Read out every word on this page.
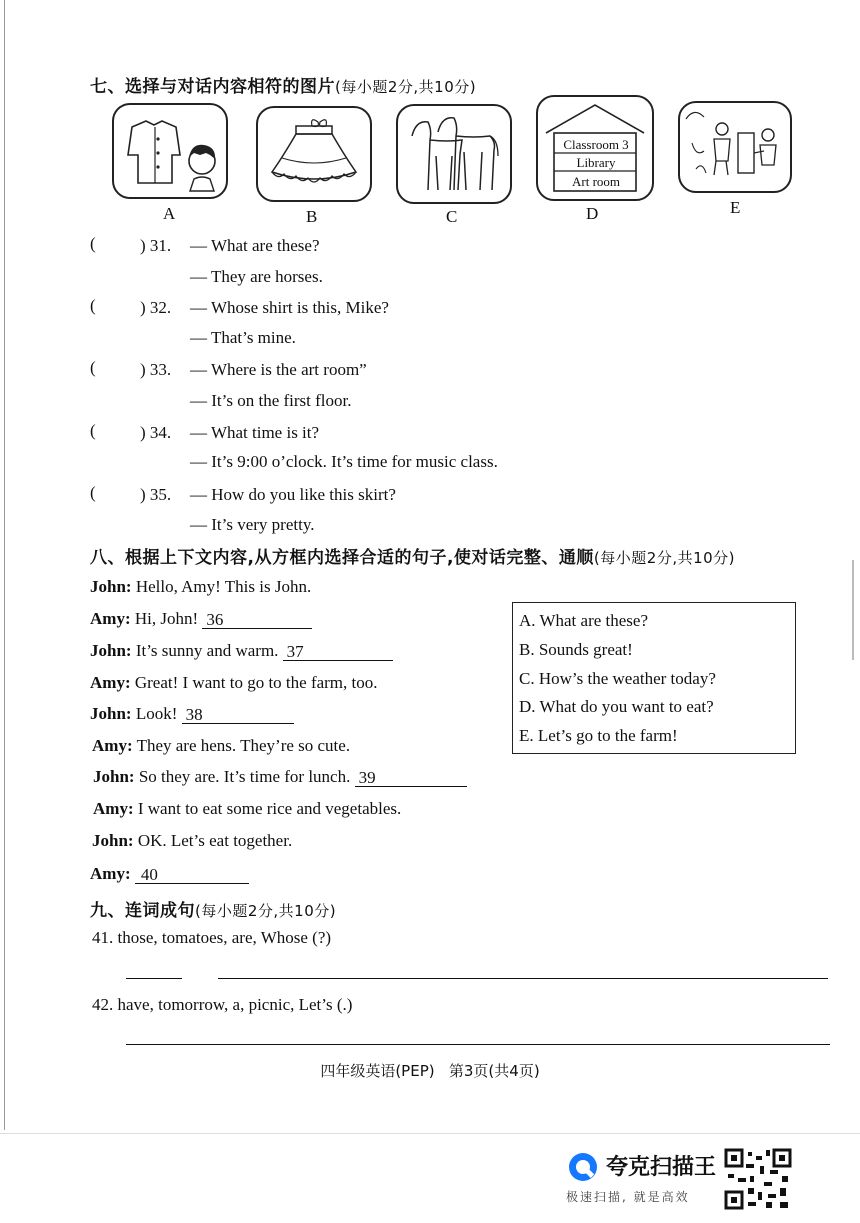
七、选择与对话内容相符的图片(每小题2分,共10分)
A	B	C
Classroom 3
Library
Art room
D	E
(	) 31. — What are these?
— They are horses.
(	) 32. — Whose shirt is this, Mike?
— That’s mine.
(	) 33. — Where is the art room”
— It’s on the first floor.
(	) 34. — What time is it?
— It’s 9:00 o’clock. It’s time for music class.
(	) 35. — How do you like this skirt?
— It’s very pretty.
八、根据上下文内容,从方框内选择合适的句子,使对话完整、通顺(每小题2分,共10分)
John: Hello, Amy! This is John.
Amy: Hi, John! 36
John: It’s sunny and warm. 37
Amy: Great! I want to go to the farm, too.
John: Look! 38
Amy: They are hens. They’re so cute.
John: So they are. It’s time for lunch. 39
Amy: I want to eat some rice and vegetables.
John: OK. Let’s eat together.
Amy: 40
A. What are these?
B. Sounds great!
C. How’s the weather today?
D. What do you want to eat?
E. Let’s go to the farm!
九、连词成句(每小题2分,共10分)
41. those, tomatoes, are, Whose (?)
42. have, tomorrow, a, picnic, Let’s (.)
四年级英语(PEP)   第3页(共4页)
夸克扫描王
极速扫描, 就是高效
